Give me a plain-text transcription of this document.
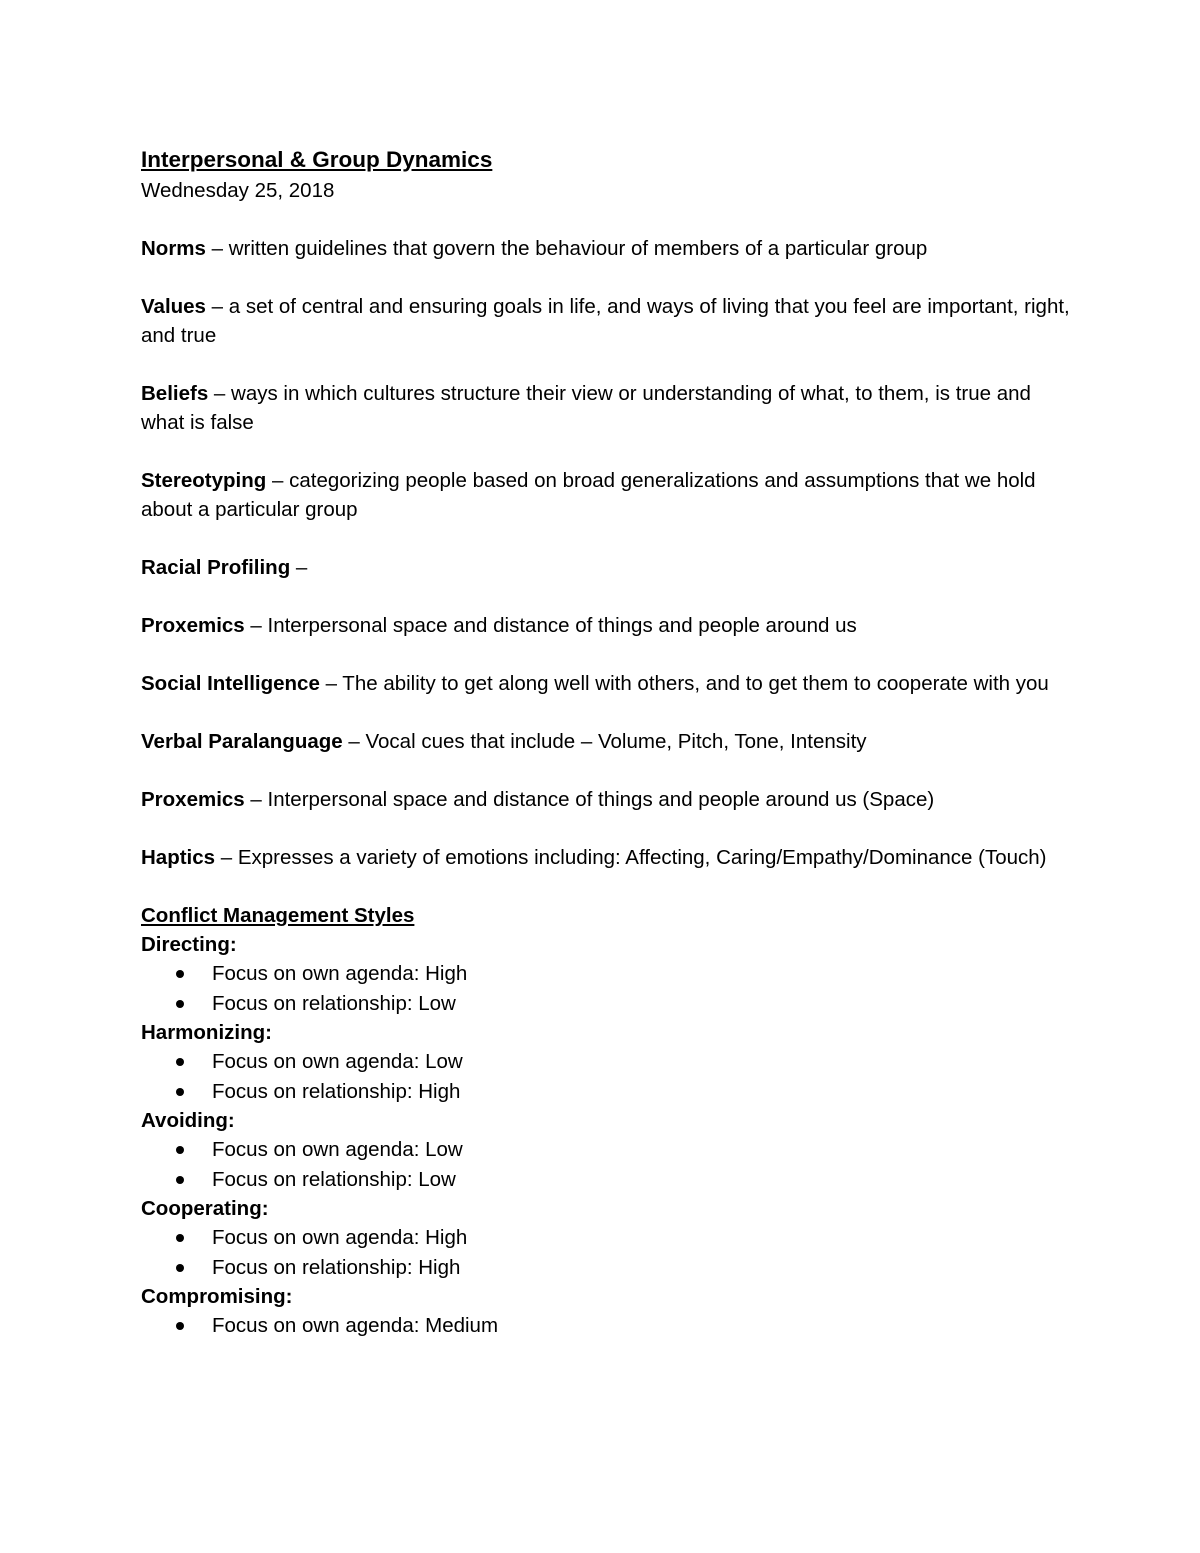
Interpersonal & Group Dynamics

Wednesday 25, 2018

Norms – written guidelines that govern the behaviour of members of a particular group

Values – a set of central and ensuring goals in life, and ways of living that you feel are important, right, and true

Beliefs – ways in which cultures structure their view or understanding of what, to them, is true and what is false

Stereotyping – categorizing people based on broad generalizations and assumptions that we hold about a particular group

Racial Profiling –

Proxemics – Interpersonal space and distance of things and people around us

Social Intelligence – The ability to get along well with others, and to get them to cooperate with you

Verbal Paralanguage – Vocal cues that include – Volume, Pitch, Tone, Intensity

Proxemics – Interpersonal space and distance of things and people around us (Space)

Haptics – Expresses a variety of emotions including: Affecting, Caring/Empathy/Dominance (Touch)

Conflict Management Styles

Directing:

Focus on own agenda: High
Focus on relationship: Low

Harmonizing:

Focus on own agenda: Low
Focus on relationship: High

Avoiding:

Focus on own agenda: Low
Focus on relationship: Low

Cooperating:

Focus on own agenda: High
Focus on relationship: High

Compromising:

Focus on own agenda: Medium
